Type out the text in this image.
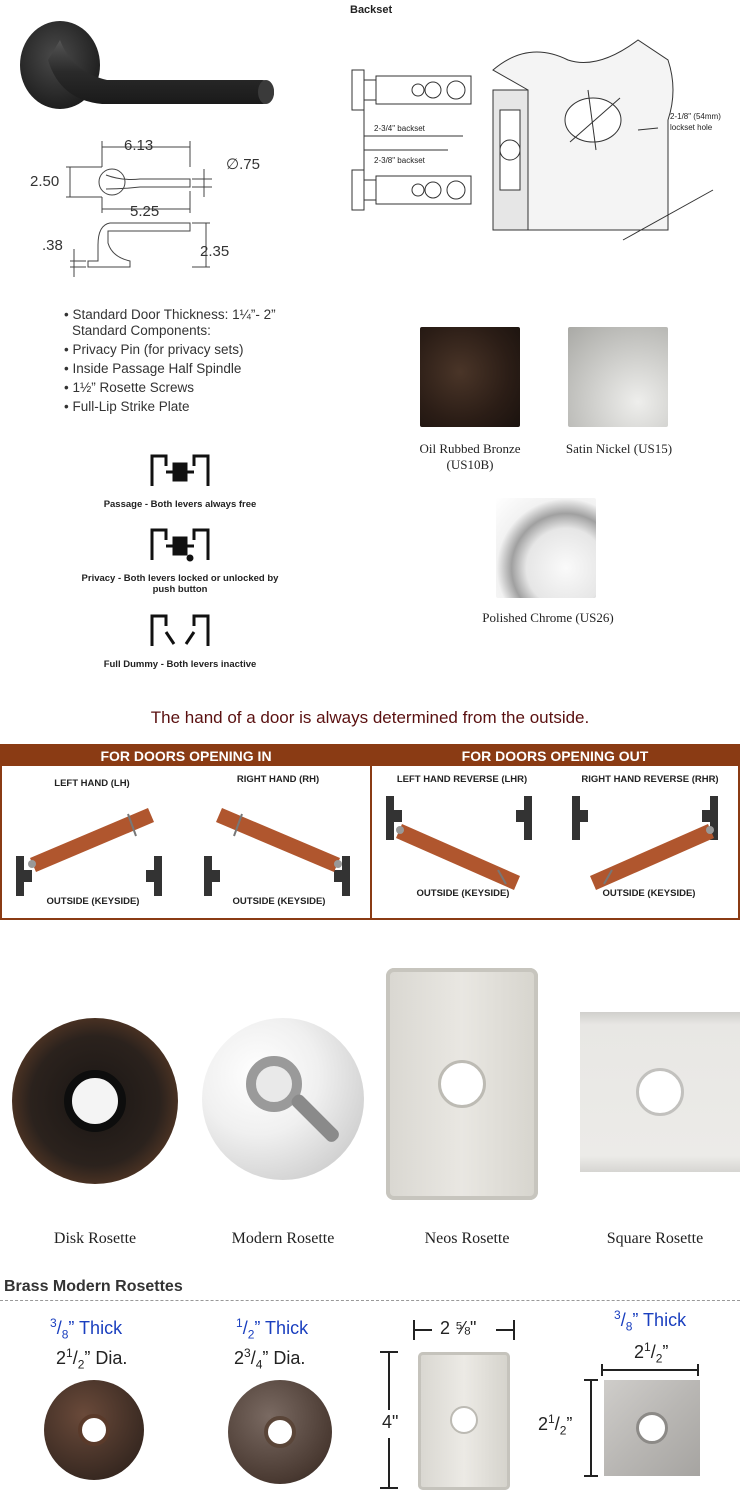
6.13
2.50
∅.75
5.25
.38	2.35
Backset
2-3/4" backset
2-3/8" backset
2-1/8" (54mm)
lockset hole
• Standard Door Thickness: 1¼”- 2”
Standard Components:
• Privacy Pin (for privacy sets)
• Inside Passage Half Spindle
• 1½” Rosette Screws
• Full-Lip Strike Plate
Passage - Both levers always free
Privacy - Both levers locked or unlocked by push button
Full Dummy - Both levers inactive
Oil Rubbed Bronze
(US10B)
Satin Nickel (US15)
Polished Chrome (US26)
The hand of a door is always determined from the outside.
FOR DOORS OPENING IN
LEFT HAND (LH)	RIGHT HAND (RH)
OUTSIDE (KEYSIDE)	OUTSIDE (KEYSIDE)
FOR DOORS OPENING OUT
LEFT HAND REVERSE (LHR)	RIGHT HAND REVERSE (RHR)
OUTSIDE (KEYSIDE)	OUTSIDE (KEYSIDE)
Disk Rosette	Modern Rosette	Neos Rosette	Square Rosette
Brass Modern Rosettes
$^3/_8$” Thick
$2^1/_2$” Dia.
$^1/_2$” Thick
$2^3/_4$” Dia.
2 ⅝"
4"
$^3/_8$” Thick
$2^1/_2$”
$2^1/_2$”
